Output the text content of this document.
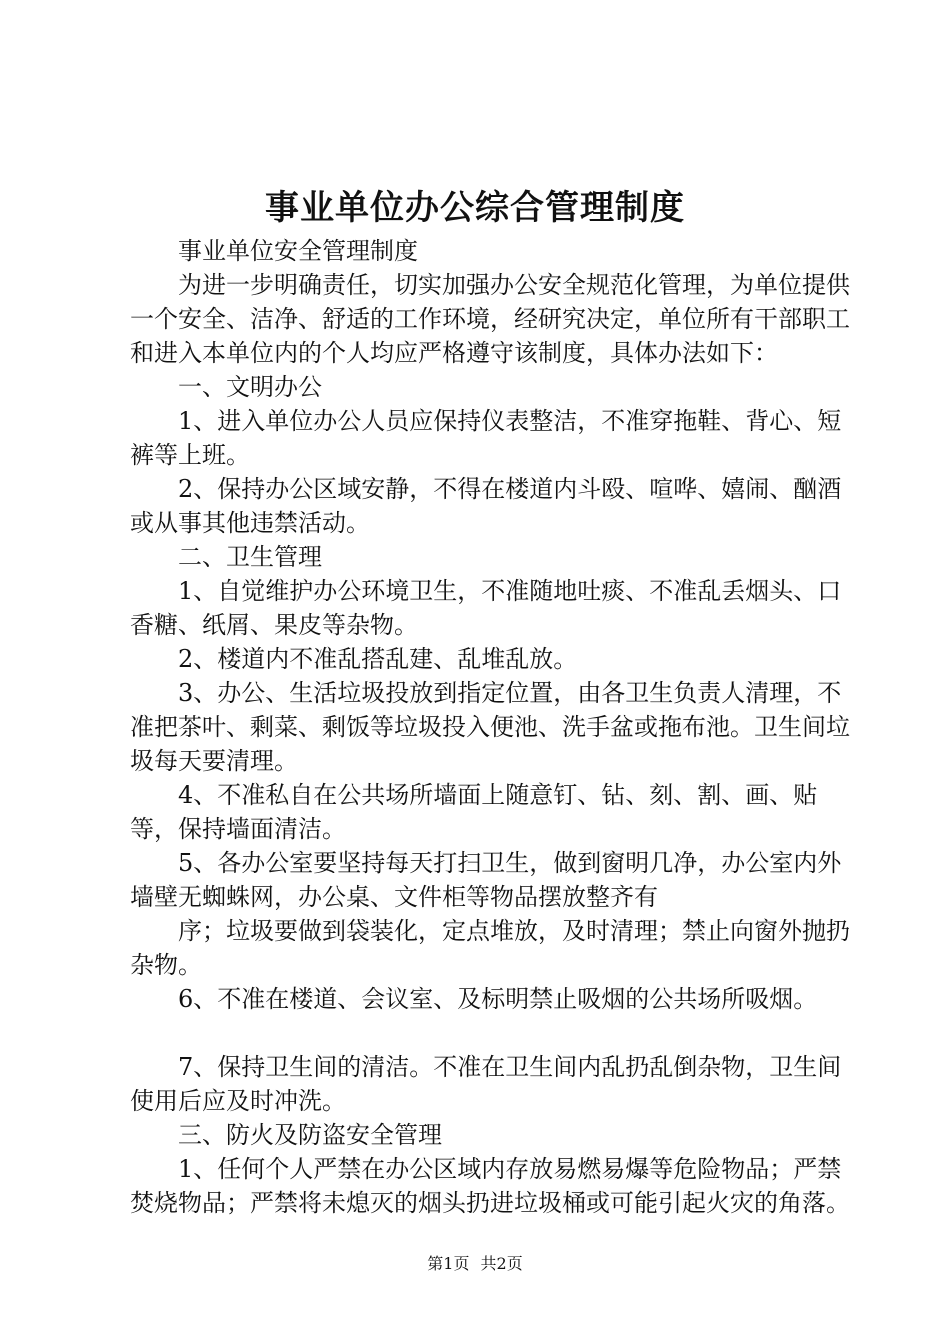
事业单位办公综合管理制度

事业单位安全管理制度

为进一步明确责任，切实加强办公安全规范化管理，为单位提供一个安全、洁净、舒适的工作环境，经研究决定，单位所有干部职工和进入本单位内的个人均应严格遵守该制度，具体办法如下：

一、文明办公

1、进入单位办公人员应保持仪表整洁，不准穿拖鞋、背心、短裤等上班。

2、保持办公区域安静，不得在楼道内斗殴、喧哗、嬉闹、酗酒或从事其他违禁活动。

二、卫生管理

1、自觉维护办公环境卫生，不准随地吐痰、不准乱丢烟头、口香糖、纸屑、果皮等杂物。

2、楼道内不准乱搭乱建、乱堆乱放。

3、办公、生活垃圾投放到指定位置，由各卫生负责人清理，不准把茶叶、剩菜、剩饭等垃圾投入便池、洗手盆或拖布池。卫生间垃圾每天要清理。

4、不准私自在公共场所墙面上随意钉、钻、刻、割、画、贴等，保持墙面清洁。

5、各办公室要坚持每天打扫卫生，做到窗明几净，办公室内外墙壁无蜘蛛网，办公桌、文件柜等物品摆放整齐有

序；垃圾要做到袋装化，定点堆放，及时清理；禁止向窗外抛扔杂物。

6、不准在楼道、会议室、及标明禁止吸烟的公共场所吸烟。

7、保持卫生间的清洁。不准在卫生间内乱扔乱倒杂物，卫生间使用后应及时冲洗。

三、防火及防盗安全管理

1、任何个人严禁在办公区域内存放易燃易爆等危险物品；严禁焚烧物品；严禁将未熄灭的烟头扔进垃圾桶或可能引起火灾的角落。

第1页 共2页
